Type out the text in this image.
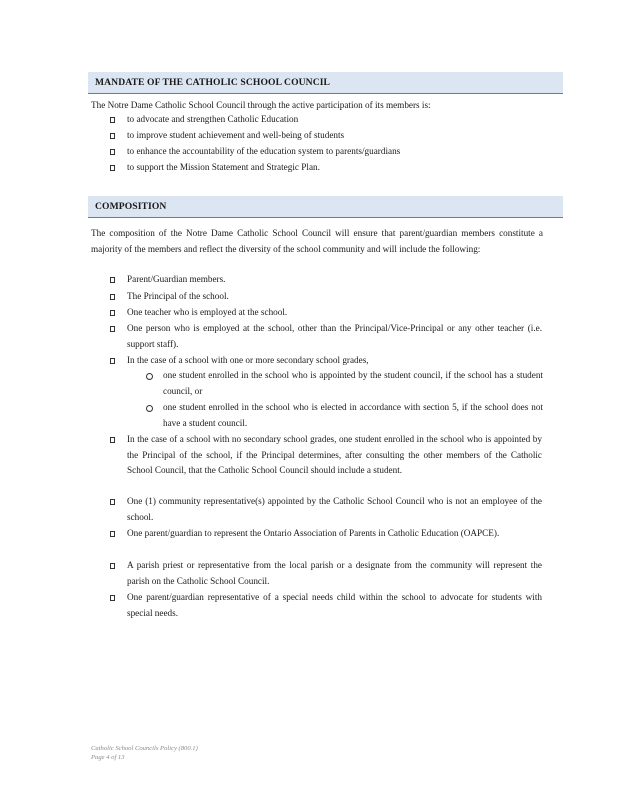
MANDATE OF THE CATHOLIC SCHOOL COUNCIL
The Notre Dame Catholic School Council through the active participation of its members is:
to advocate and strengthen Catholic Education
to improve student achievement and well-being of students
to enhance the accountability of the education system to parents/guardians
to support the Mission Statement and Strategic Plan.
COMPOSITION
The composition of the Notre Dame Catholic School Council will ensure that parent/guardian members constitute a majority of the members and reflect the diversity of the school community and will include the following:
Parent/Guardian members.
The Principal of the school.
One teacher who is employed at the school.
One person who is employed at the school, other than the Principal/Vice-Principal or any other teacher (i.e. support staff).
In the case of a school with one or more secondary school grades,
one student enrolled in the school who is appointed by the student council, if the school has a student council, or
one student enrolled in the school who is elected in accordance with section 5, if the school does not have a student council.
In the case of a school with no secondary school grades, one student enrolled in the school who is appointed by the Principal of the school, if the Principal determines, after consulting the other members of the Catholic School Council, that the Catholic School Council should include a student.
One (1) community representative(s) appointed by the Catholic School Council who is not an employee of the school.
One parent/guardian to represent the Ontario Association of Parents in Catholic Education (OAPCE).
A parish priest or representative from the local parish or a designate from the community will represent the parish on the Catholic School Council.
One parent/guardian representative of a special needs child within the school to advocate for students with special needs.
Catholic School Councils Policy (800.1)
Page 4 of 13
